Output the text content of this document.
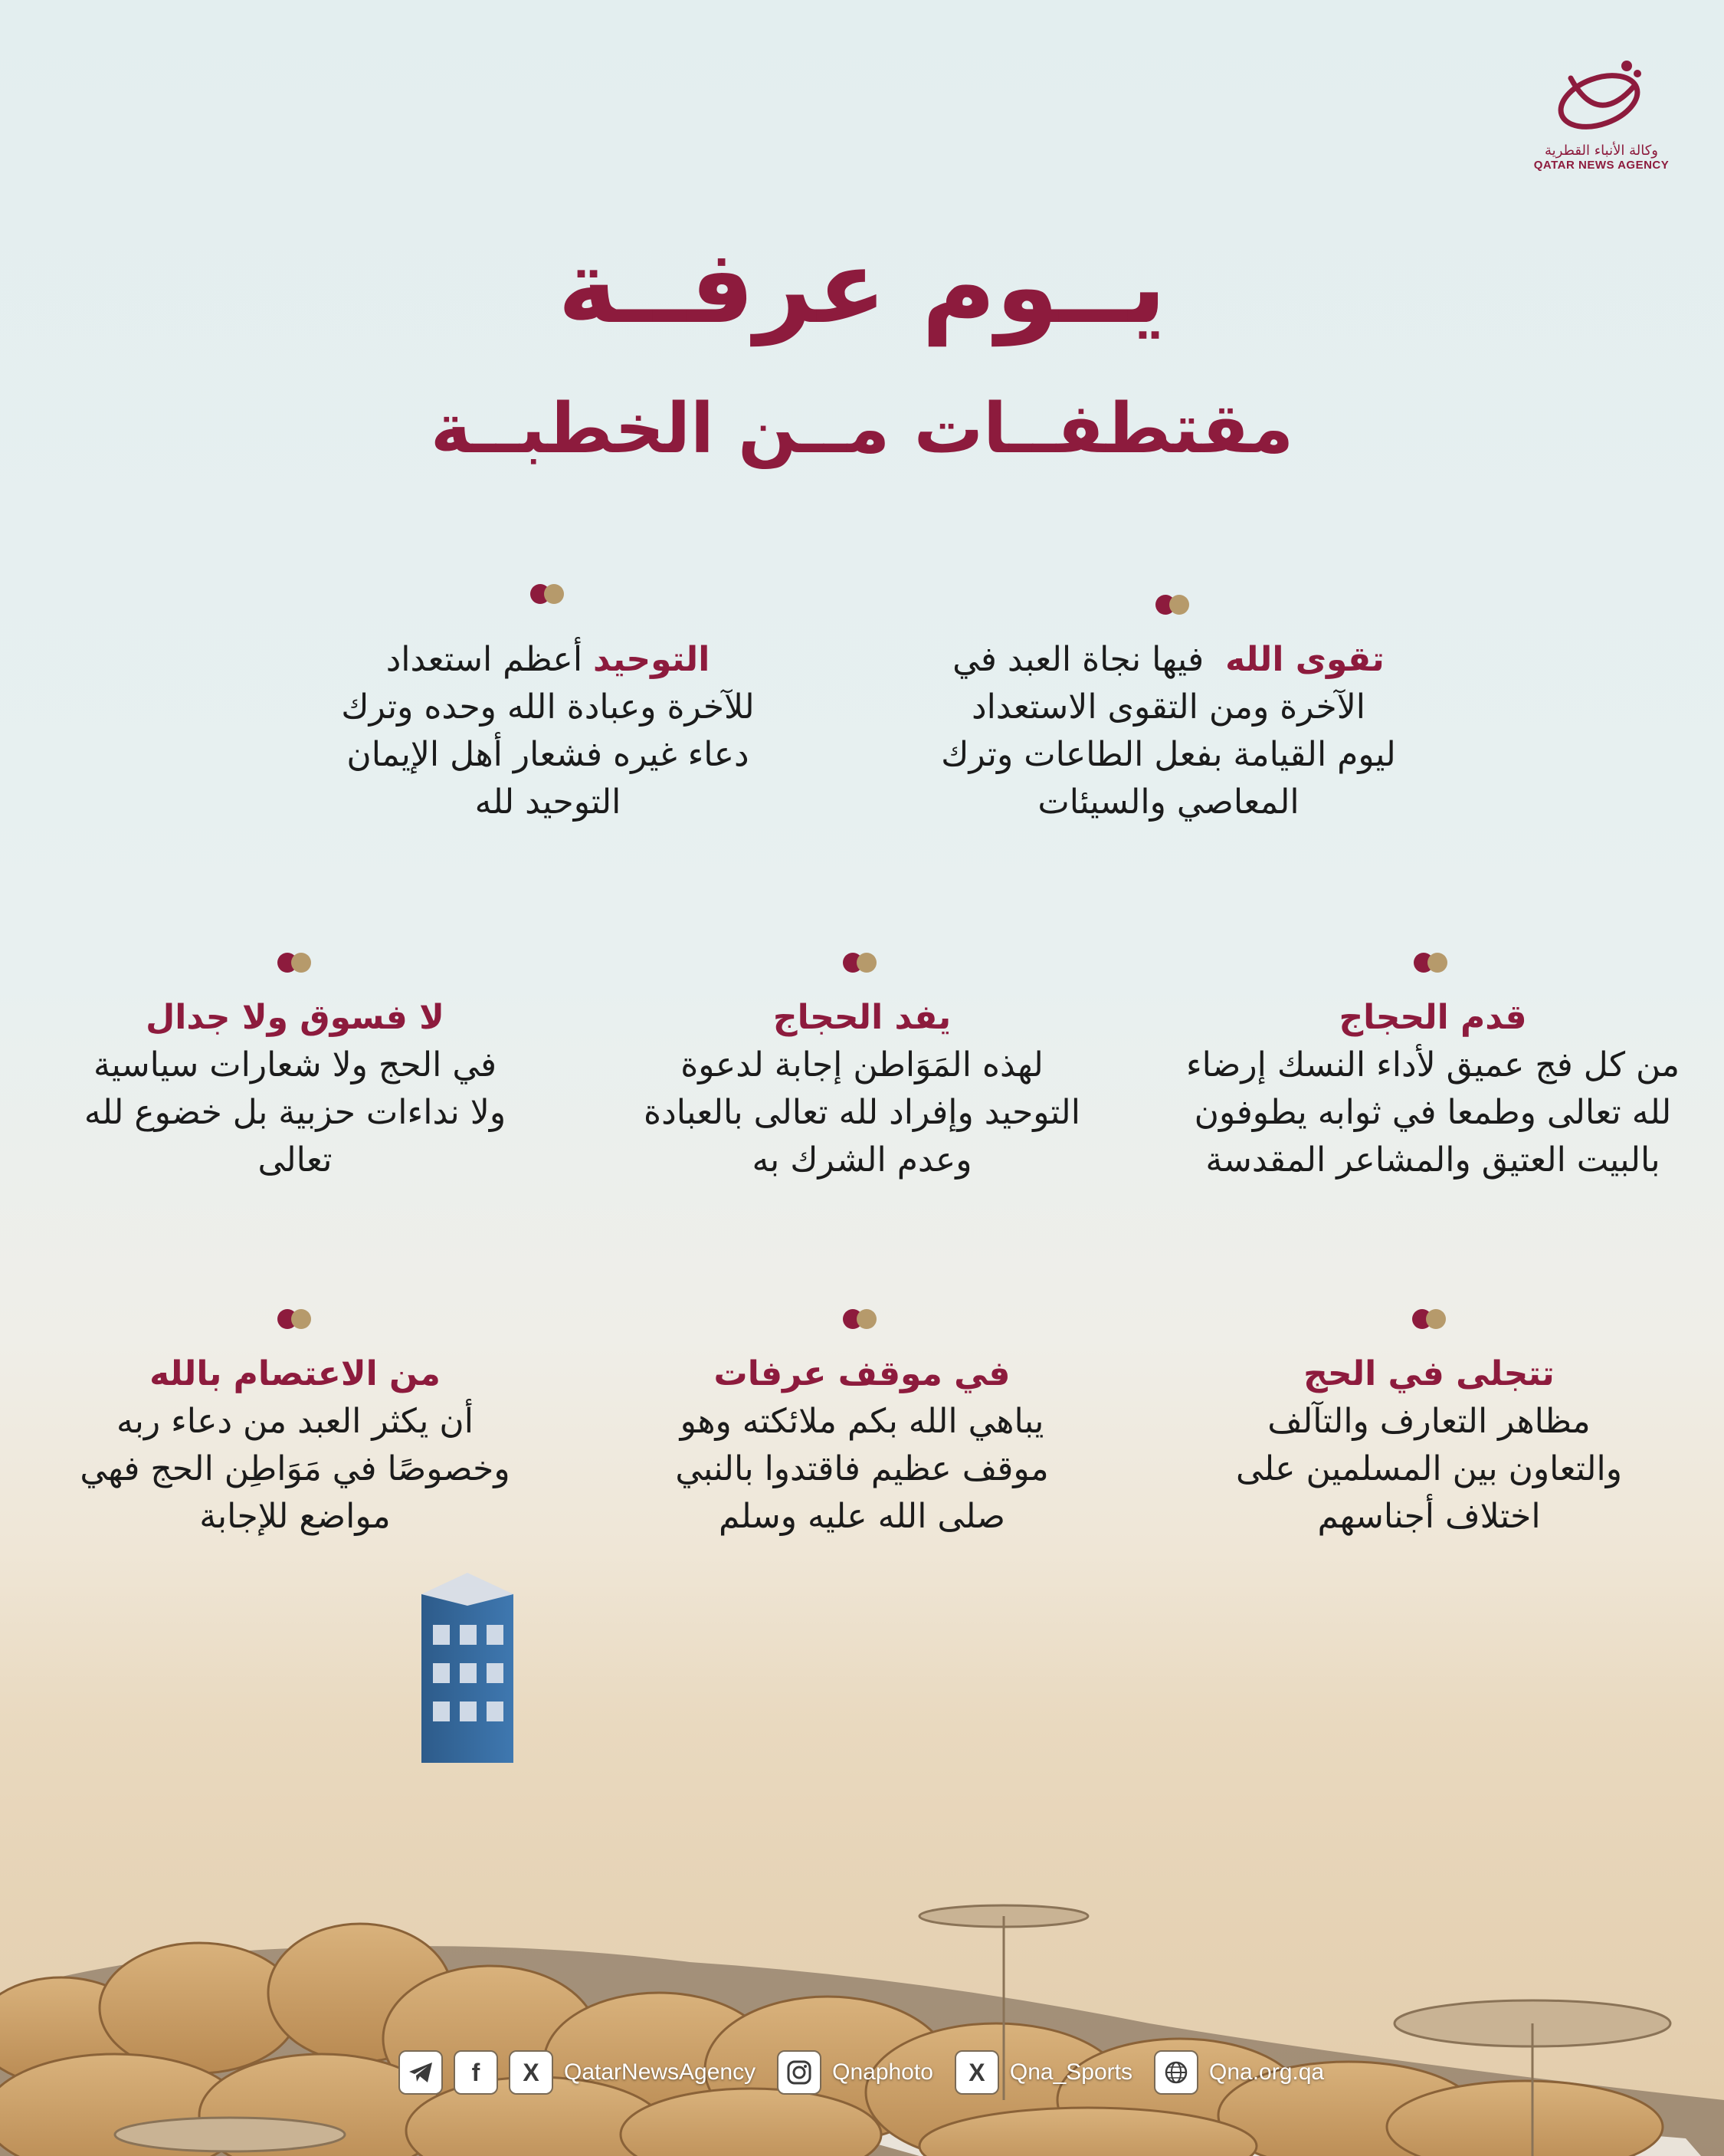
وكالة الأنباء القطرية
QATAR NEWS AGENCY
يــوم عرفــة
مقتطفــات مــن الخطبــة

تقوى الله  فيها نجاة العبد في

الآخرة ومن التقوى الاستعداد

ليوم القيامة بفعل الطاعات وترك

المعاصي والسيئات

التوحيد أعظم استعداد

للآخرة وعبادة الله وحده وترك

دعاء غيره فشعار أهل الإيمان

التوحيد لله

قدم الحجاج

من كل فج عميق لأداء النسك إرضاء

لله تعالى وطمعا في ثوابه يطوفون

بالبيت العتيق والمشاعر المقدسة

يفد الحجاج

لهذه المَوَاطن إجابة لدعوة

التوحيد وإفراد لله تعالى بالعبادة

وعدم الشرك به

لا فسوق ولا جدال

في الحج ولا شعارات سياسية

ولا نداءات حزبية بل خضوع لله

تعالى

تتجلى في الحج

مظاهر التعارف والتآلف

والتعاون بين المسلمين على

اختلاف أجناسهم

في موقف عرفات

يباهي الله بكم ملائكته وهو

موقف عظيم فاقتدوا بالنبي

صلى الله عليه وسلم

من الاعتصام بالله

أن يكثر العبد من دعاء ربه

وخصوصًا في مَوَاطِن الحج فهي

مواضع للإجابة

f	X	QatarNewsAgency	Qnaphoto	X	Qna_Sports	Qna.org.qa
